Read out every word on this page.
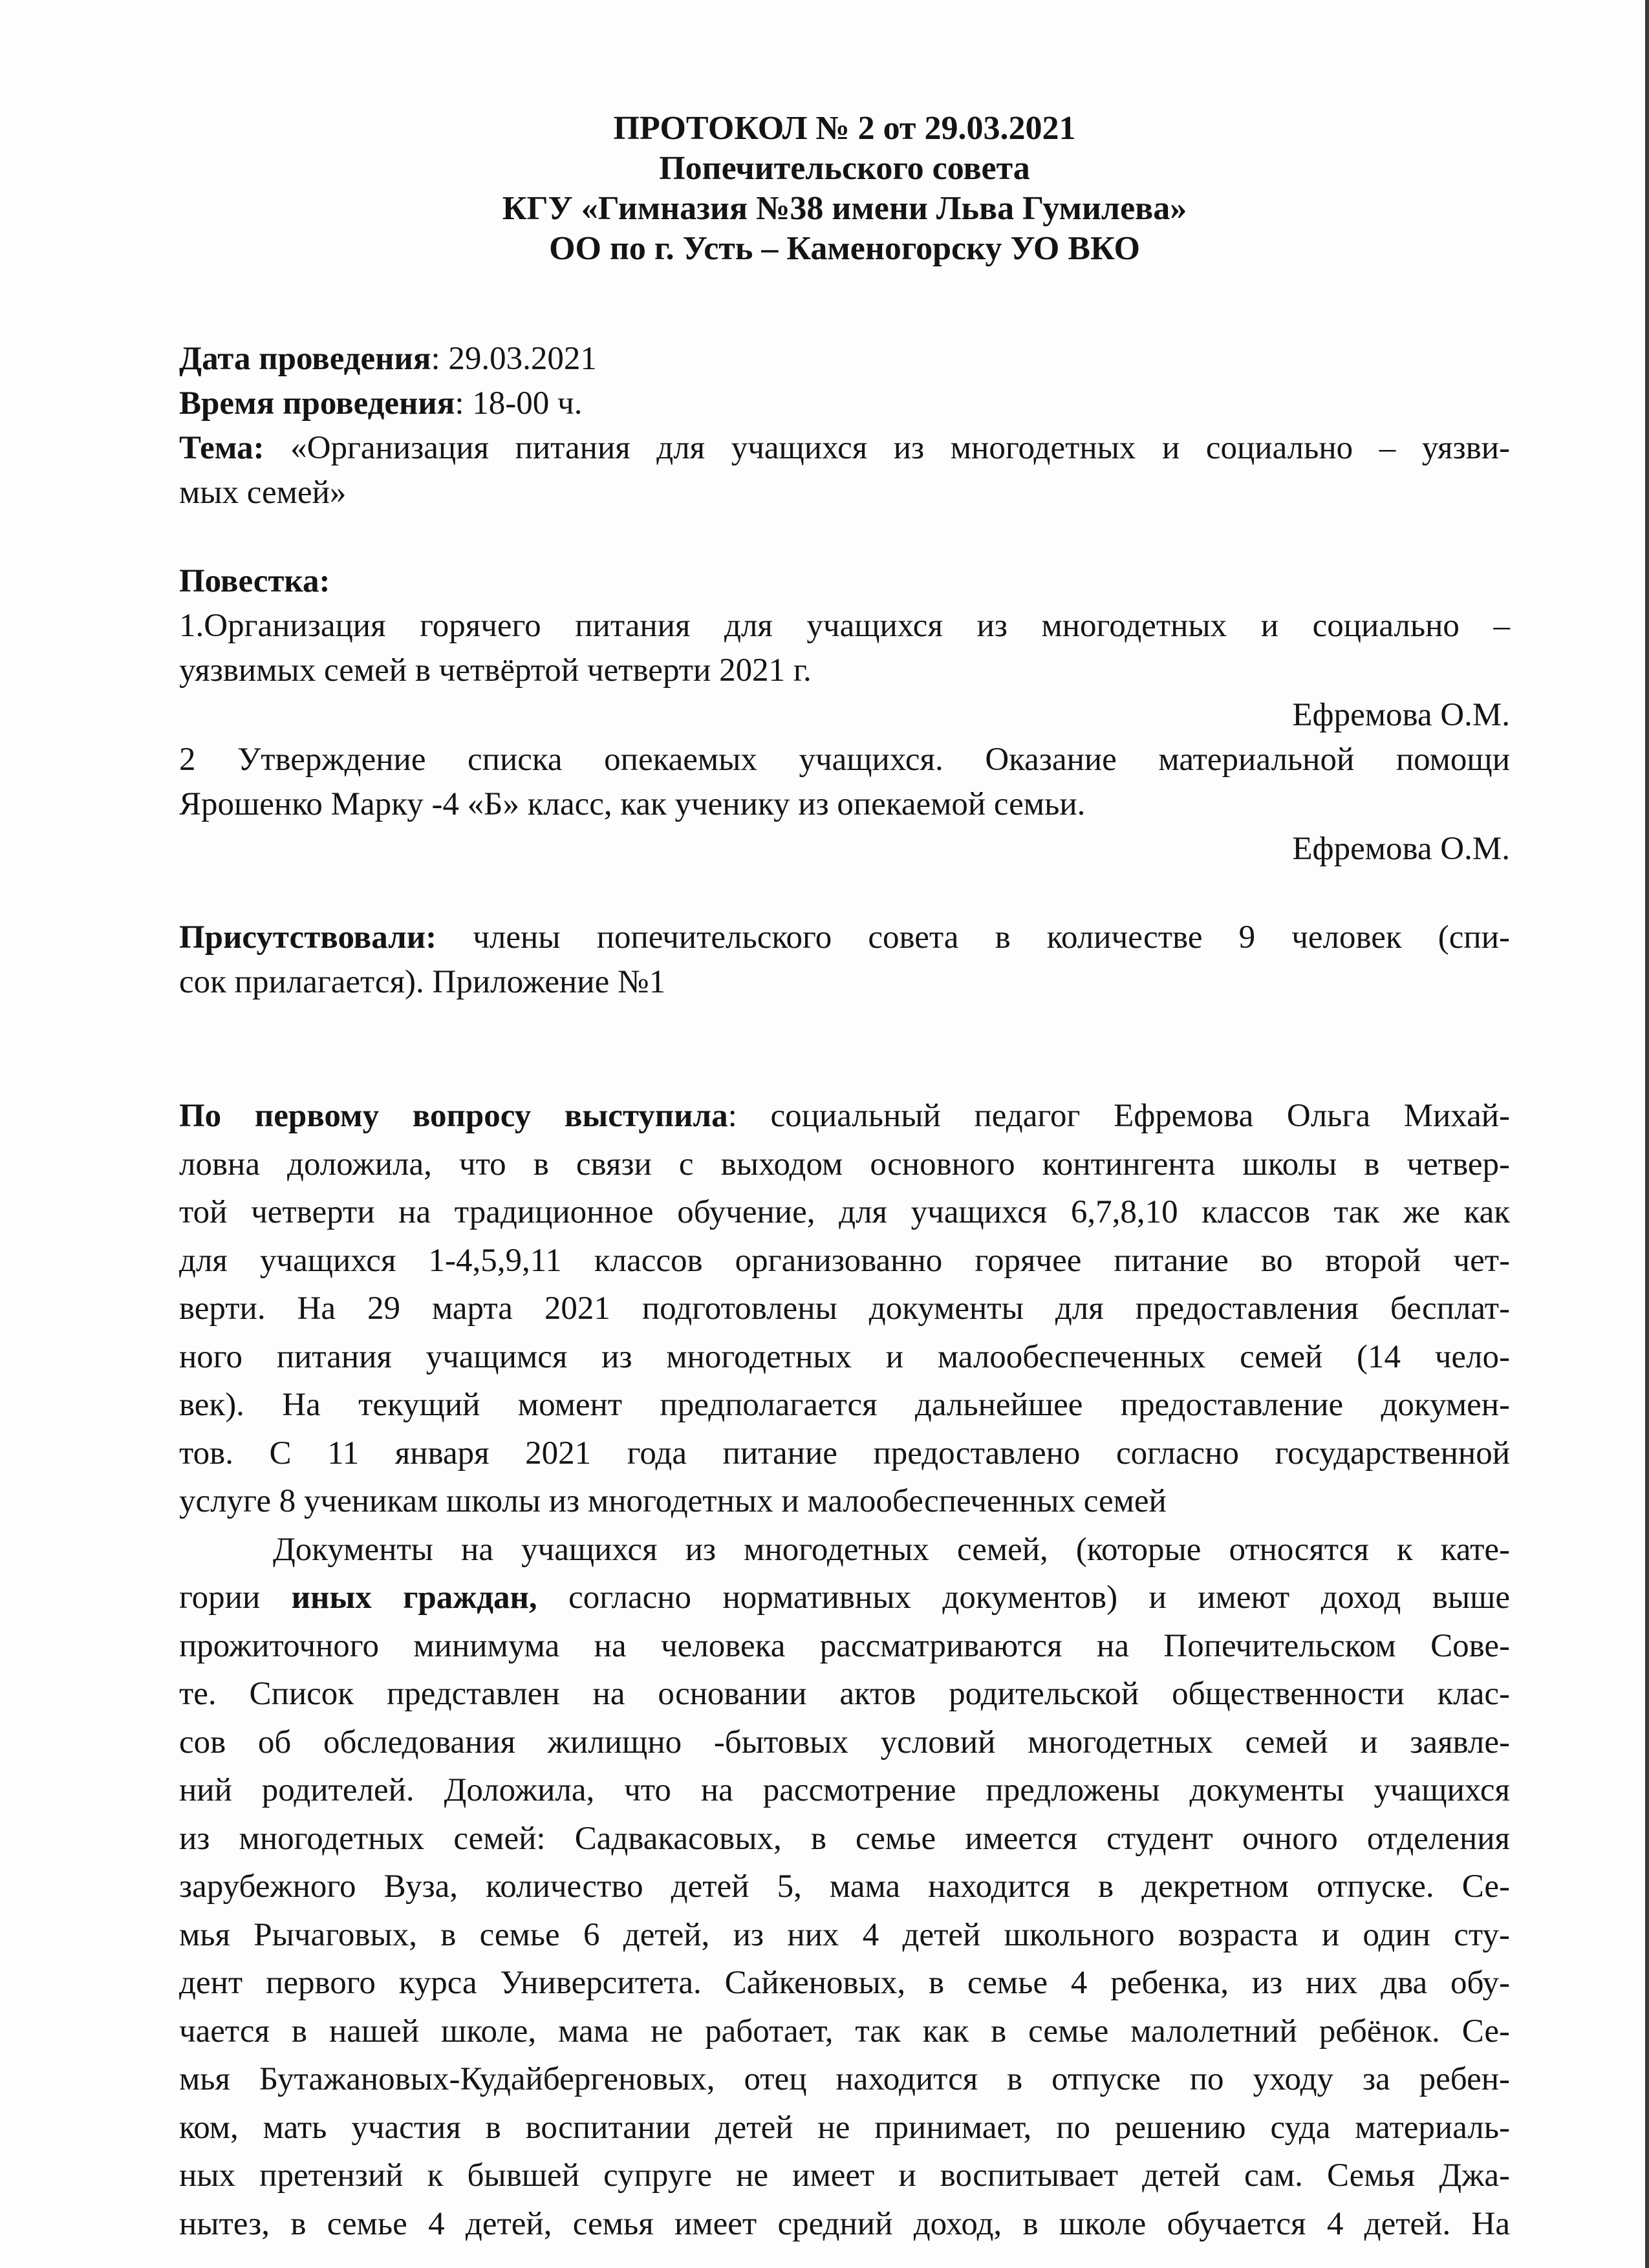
ПРОТОКОЛ № 2 от 29.03.2021
Попечительского совета
КГУ «Гимназия №38 имени Льва Гумилева»
ОО по г. Усть – Каменогорску УО ВКО
Дата проведения: 29.03.2021
Время проведения: 18-00 ч.
Тема: «Организация питания для учащихся из многодетных и социально – уязви-
мых семей»
Повестка:
1.Организация горячего питания для учащихся из многодетных и социально –
уязвимых семей в четвёртой четверти 2021 г.
Ефремова О.М.
2 Утверждение списка опекаемых учащихся. Оказание материальной помощи
Ярошенко Марку -4 «Б» класс, как ученику из опекаемой семьи.
Ефремова О.М.
Присутствовали: члены попечительского совета в количестве 9 человек (спи-
сок прилагается). Приложение №1
По первому вопросу выступила: социальный педагог Ефремова Ольга Михай-
ловна доложила, что в связи с выходом основного контингента школы в четвер-
той четверти на традиционное обучение, для учащихся 6,7,8,10 классов так же как
для учащихся 1-4,5,9,11 классов организованно горячее питание во второй чет-
верти. На 29 марта 2021 подготовлены документы для предоставления бесплат-
ного питания учащимся из многодетных и малообеспеченных семей (14 чело-
век). На текущий момент предполагается дальнейшее предоставление докумен-
тов. С 11 января 2021 года питание предоставлено согласно государственной
услуге 8 ученикам школы из многодетных и малообеспеченных семей
Документы на учащихся из многодетных семей, (которые относятся к кате-
гории иных граждан, согласно нормативных документов) и имеют доход выше
прожиточного минимума на человека рассматриваются на Попечительском Сове-
те. Список представлен на основании актов родительской общественности клас-
сов об обследования жилищно -бытовых условий многодетных семей и заявле-
ний родителей. Доложила, что на рассмотрение предложены документы учащихся
из многодетных семей: Садвакасовых, в семье имеется студент очного отделения
зарубежного Вуза, количество детей 5, мама находится в декретном отпуске. Се-
мья Рычаговых, в семье 6 детей, из них 4 детей школьного возраста и один сту-
дент первого курса Университета. Сайкеновых, в семье 4 ребенка, из них два обу-
чается в нашей школе, мама не работает, так как в семье малолетний ребёнок. Се-
мья Бутажановых-Кудайбергеновых, отец находится в отпуске по уходу за ребен-
ком, мать участия в воспитании детей не принимает, по решению суда материаль-
ных претензий к бывшей супруге не имеет и воспитывает детей сам. Семья Джа-
нытез, в семье 4 детей, семья имеет средний доход, в школе обучается 4 детей. На
